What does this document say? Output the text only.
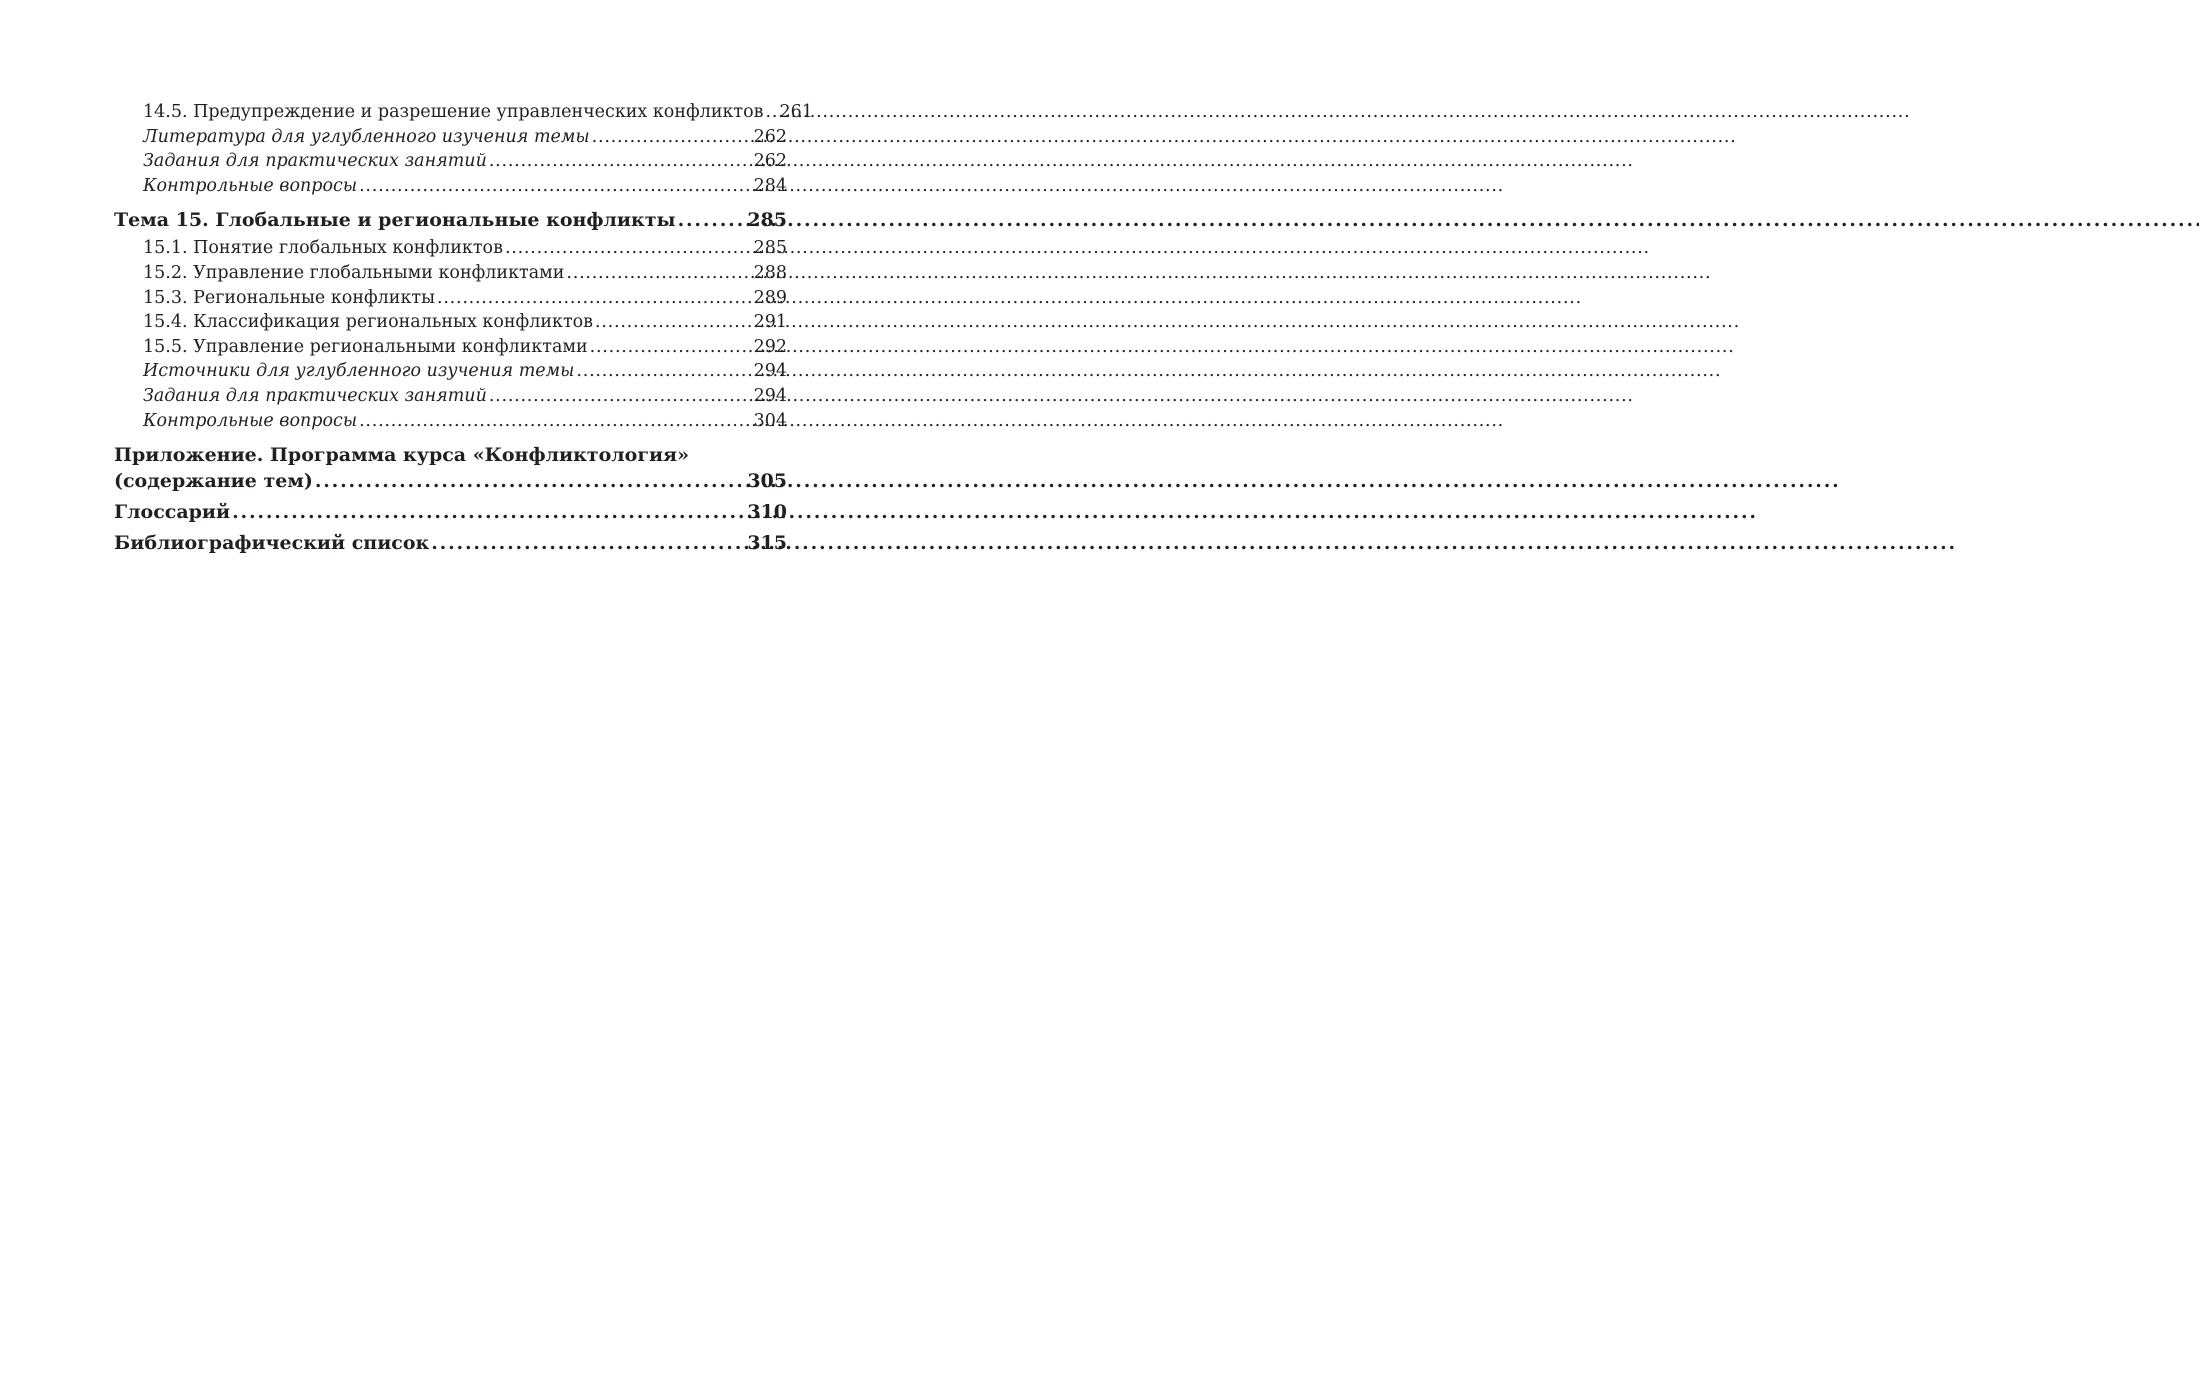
14.5. Предупреждение и разрешение управленческих конфликтов . . . 261
Литература для углубленного изучения темы . . .	262
Задания для практических занятий . . .	262
Контрольные вопросы . . .	284
Тема 15. Глобальные и региональные конфликты . . .	285
15.1. Понятие глобальных конфликтов . . .	285
15.2. Управление глобальными конфликтами . . .	288
15.3. Региональные конфликты . . .	289
15.4. Классификация региональных конфликтов . . .	291
15.5. Управление региональными конфликтами . . .	292
Источники для углубленного изучения темы . . .	294
Задания для практических занятий . . .	294
Контрольные вопросы . . .	304
Приложение. Программа курса «Конфликтология»
(содержание тем) . . .	305
Глоссарий . . .	310
Библиографический список . . .	315
